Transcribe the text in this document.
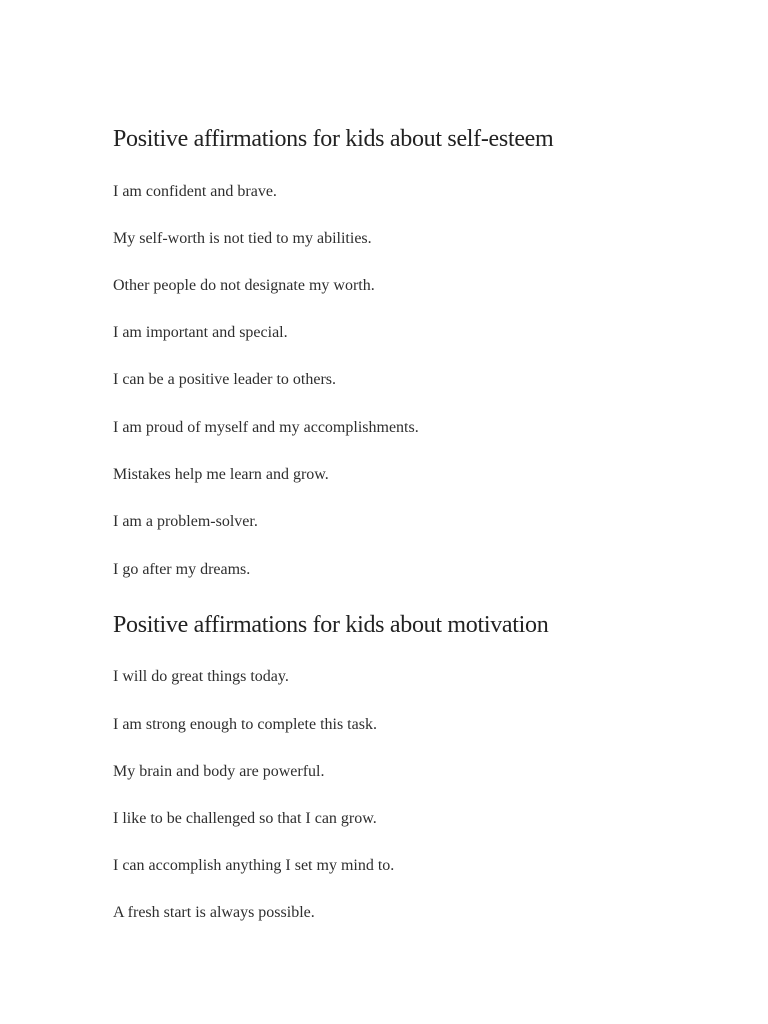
Positive affirmations for kids about self-esteem

I am confident and brave.

My self-worth is not tied to my abilities.

Other people do not designate my worth.

I am important and special.

I can be a positive leader to others.

I am proud of myself and my accomplishments.

Mistakes help me learn and grow.

I am a problem-solver.

I go after my dreams.

Positive affirmations for kids about motivation

I will do great things today.

I am strong enough to complete this task.

My brain and body are powerful.

I like to be challenged so that I can grow.

I can accomplish anything I set my mind to.

A fresh start is always possible.
